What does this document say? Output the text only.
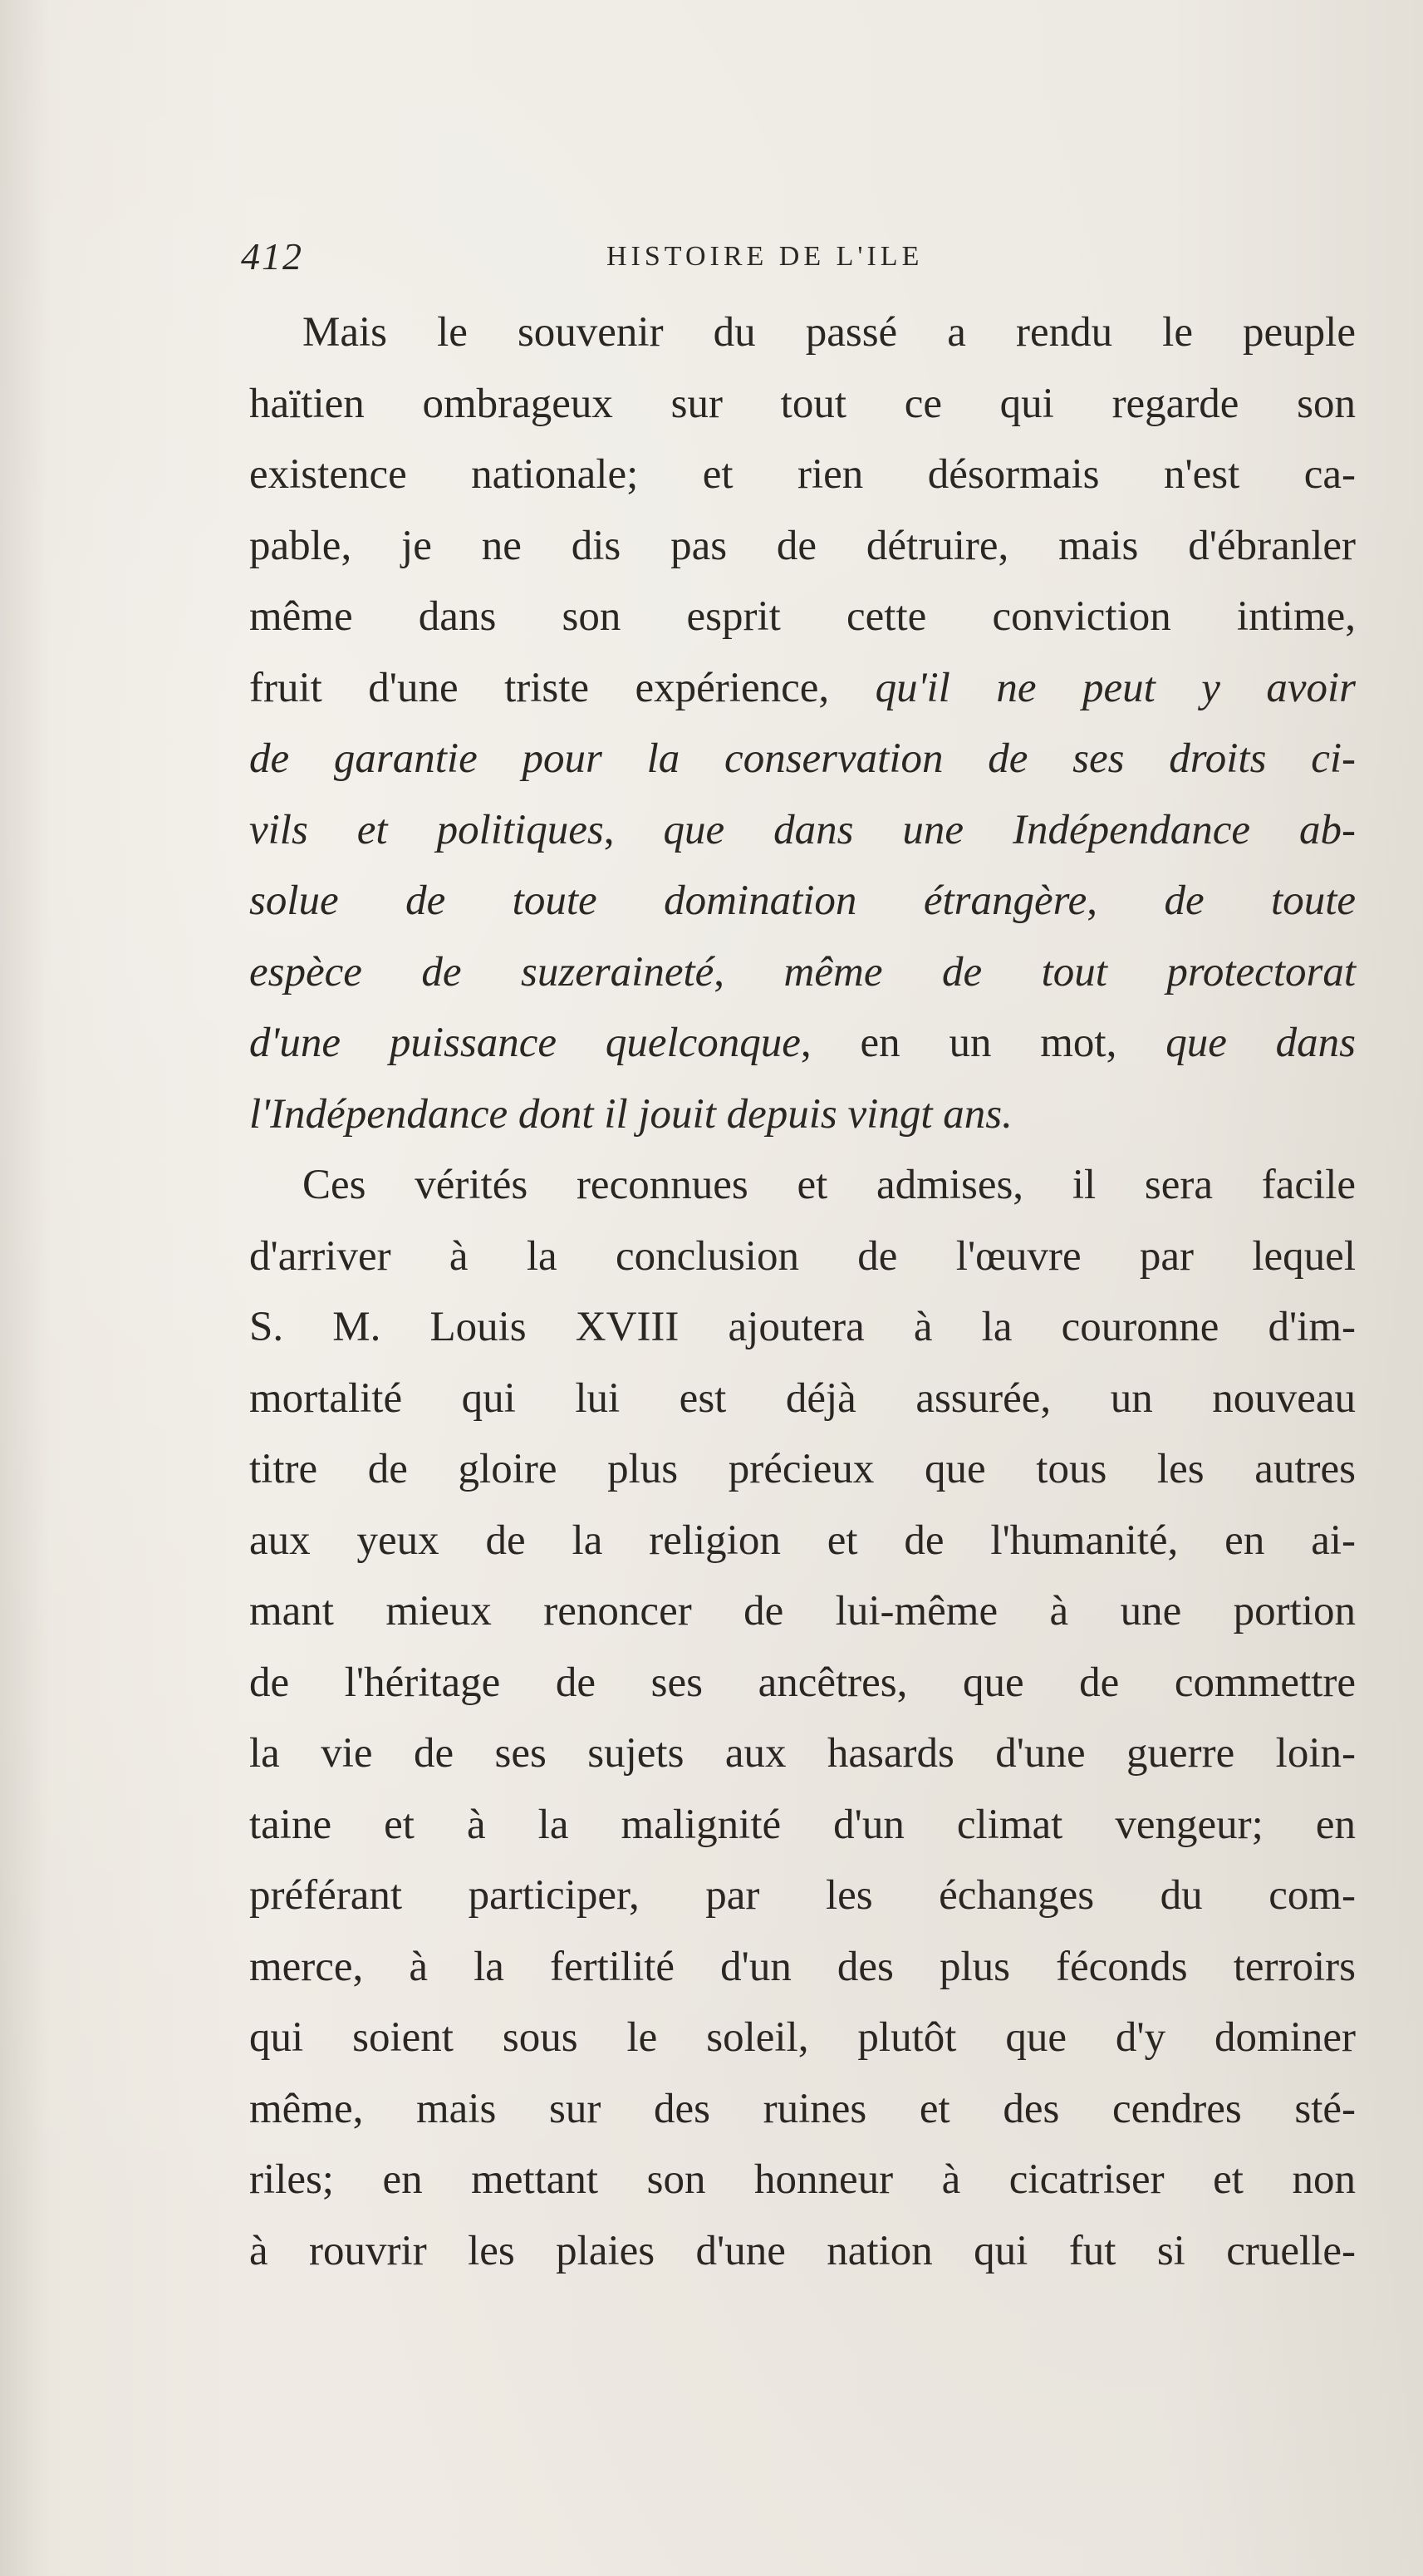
412	HISTOIRE DE L'ILE
Mais le souvenir du passé a rendu le peuple
haïtien ombrageux sur tout ce qui regarde son
existence nationale; et rien désormais n'est ca-
pable, je ne dis pas de détruire, mais d'ébranler
même dans son esprit cette conviction intime,
fruit d'une triste expérience, qu'il ne peut y avoir
de garantie pour la conservation de ses droits ci-
vils et politiques, que dans une Indépendance ab-
solue de toute domination étrangère, de toute
espèce de suzeraineté, même de tout protectorat
d'une puissance quelconque, en un mot, que dans
l'Indépendance dont il jouit depuis vingt ans.
Ces vérités reconnues et admises, il sera facile
d'arriver à la conclusion de l'œuvre par lequel
S. M. Louis XVIII ajoutera à la couronne d'im-
mortalité qui lui est déjà assurée, un nouveau
titre de gloire plus précieux que tous les autres
aux yeux de la religion et de l'humanité, en ai-
mant mieux renoncer de lui-même à une portion
de l'héritage de ses ancêtres, que de commettre
la vie de ses sujets aux hasards d'une guerre loin-
taine et à la malignité d'un climat vengeur; en
préférant participer, par les échanges du com-
merce, à la fertilité d'un des plus féconds terroirs
qui soient sous le soleil, plutôt que d'y dominer
même, mais sur des ruines et des cendres sté-
riles; en mettant son honneur à cicatriser et non
à rouvrir les plaies d'une nation qui fut si cruelle-
